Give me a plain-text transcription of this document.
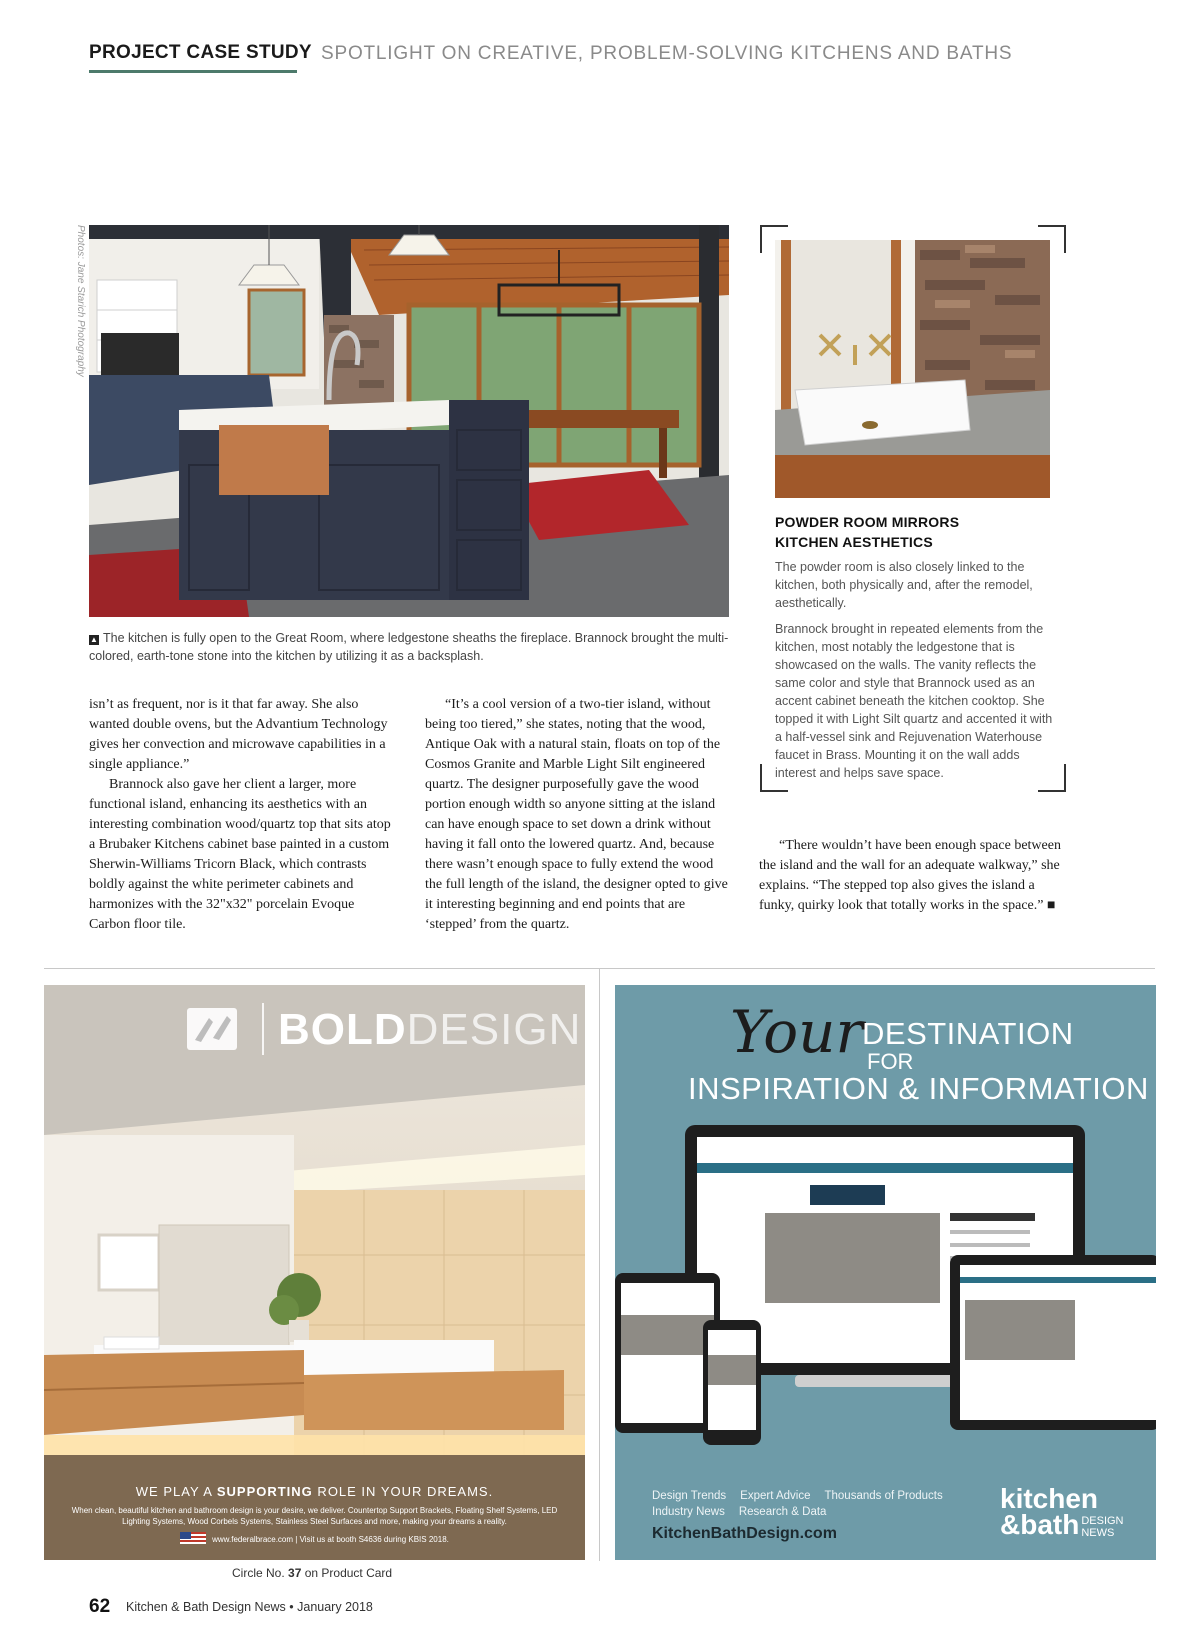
PROJECT CASE STUDY SPOTLIGHT ON CREATIVE, PROBLEM-SOLVING KITCHENS AND BATHS
Photos: Jane Starich Photography
▲ The kitchen is fully open to the Great Room, where ledgestone sheaths the fireplace. Brannock brought the multi-colored, earth-tone stone into the kitchen by utilizing it as a backsplash.
POWDER ROOM MIRRORS
KITCHEN AESTHETICS
The powder room is also closely linked to the kitchen, both physically and, after the remodel, aesthetically.
Brannock brought in repeated elements from the kitchen, most notably the ledgestone that is showcased on the walls. The vanity reflects the same color and style that Brannock used as an accent cabinet beneath the kitchen cooktop. She topped it with Light Silt quartz and accented it with a half-vessel sink and Rejuvenation Waterhouse faucet in Brass. Mounting it on the wall adds interest and helps save space.

isn’t as frequent, nor is it that far away. She also wanted double ovens, but the Advantium Technology gives her convection and microwave capabilities in a single appliance.”

Brannock also gave her client a larger, more functional island, enhancing its aesthetics with an interesting combination wood/quartz top that sits atop a Brubaker Kitchens cabinet base painted in a custom Sherwin-Williams Tricorn Black, which contrasts boldly against the white perimeter cabinets and harmonizes with the 32"x32" porcelain Evoque Carbon floor tile.

“It’s a cool version of a two-tier island, without being too tiered,” she states, noting that the wood, Antique Oak with a natural stain, floats on top of the Cosmos Granite and Marble Light Silt engineered quartz. The designer purposefully gave the wood portion enough width so anyone sitting at the island can have enough space to set down a drink without having it fall onto the lowered quartz. And, because there wasn’t enough space to fully extend the wood the full length of the island, the designer opted to give it interesting beginning and end points that are ‘stepped’ from the quartz.

“There wouldn’t have been enough space between the island and the wall for an adequate walkway,” she explains. “The stepped top also gives the island a funky, quirky look that totally works in the space.” ■

BOLDDESIGN
WE PLAY A SUPPORTING ROLE IN YOUR DREAMS.
When clean, beautiful kitchen and bathroom design is your desire, we deliver. Countertop Support Brackets, Floating Shelf Systems, LED Lighting Systems, Wood Corbels Systems, Stainless Steel Surfaces and more, making your dreams a reality.
www.federalbrace.com | Visit us at booth S4636 during KBIS 2018.
Circle No. 37 on Product Card
Your
DESTINATION
FOR
INSPIRATION & INFORMATION
Design Trends Expert Advice Thousands of Products
Industry News Research & Data
KitchenBathDesign.com
kitchen
&bath DESIGN
NEWS
62 Kitchen & Bath Design News • January 2018
